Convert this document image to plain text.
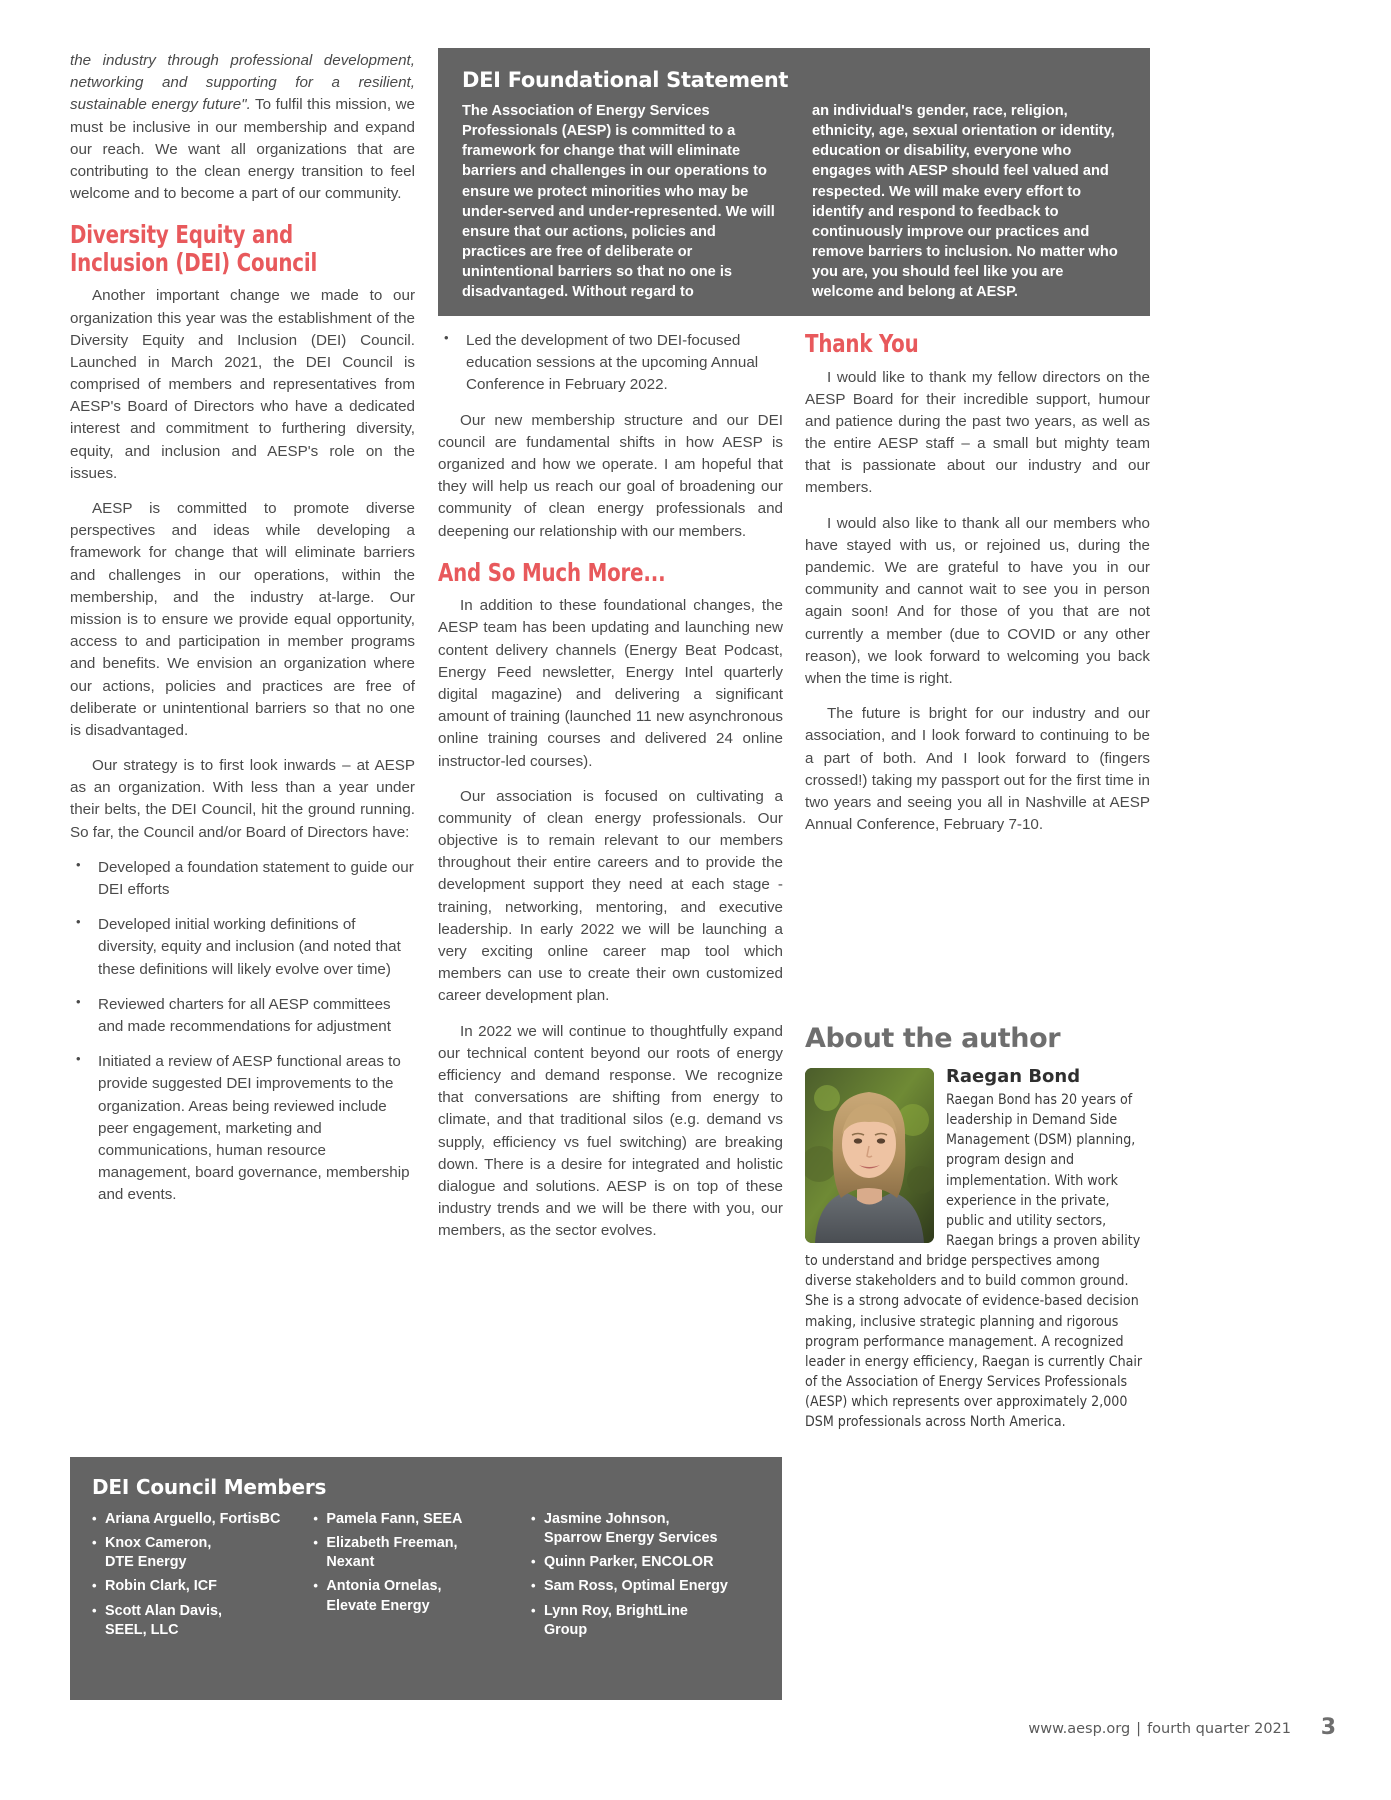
the industry through professional development, networking and supporting for a resilient, sustainable energy future". To fulfil this mission, we must be inclusive in our membership and expand our reach. We want all organizations that are contributing to the clean energy transition to feel welcome and to become a part of our community.

Diversity Equity and Inclusion (DEI) Council

Another important change we made to our organization this year was the establishment of the Diversity Equity and Inclusion (DEI) Council. Launched in March 2021, the DEI Council is comprised of members and representatives from AESP's Board of Directors who have a dedicated interest and commitment to furthering diversity, equity, and inclusion and AESP's role on the issues.

AESP is committed to promote diverse perspectives and ideas while developing a framework for change that will eliminate barriers and challenges in our operations, within the membership, and the industry at-large. Our mission is to ensure we provide equal opportunity, access to and participation in member programs and benefits. We envision an organization where our actions, policies and practices are free of deliberate or unintentional barriers so that no one is disadvantaged.

Our strategy is to first look inwards – at AESP as an organization. With less than a year under their belts, the DEI Council, hit the ground running. So far, the Council and/or Board of Directors have:

• Developed a foundation statement to guide our DEI efforts
• Developed initial working definitions of diversity, equity and inclusion (and noted that these definitions will likely evolve over time)
• Reviewed charters for all AESP committees and made recommendations for adjustment
• Initiated a review of AESP functional areas to provide suggested DEI improvements to the organization. Areas being reviewed include peer engagement, marketing and communications, human resource management, board governance, membership and events.
DEI Foundational Statement

The Association of Energy Services Professionals (AESP) is committed to a framework for change that will eliminate barriers and challenges in our operations to ensure we protect minorities who may be under-served and under-represented. We will ensure that our actions, policies and practices are free of deliberate or unintentional barriers so that no one is disadvantaged. Without regard to

an individual's gender, race, religion, ethnicity, age, sexual orientation or identity, education or disability, everyone who engages with AESP should feel valued and respected. We will make every effort to identify and respond to feedback to continuously improve our practices and remove barriers to inclusion. No matter who you are, you should feel like you are welcome and belong at AESP.

• Led the development of two DEI-focused education sessions at the upcoming Annual Conference in February 2022.

Our new membership structure and our DEI council are fundamental shifts in how AESP is organized and how we operate. I am hopeful that they will help us reach our goal of broadening our community of clean energy professionals and deepening our relationship with our members.

And So Much More...

In addition to these foundational changes, the AESP team has been updating and launching new content delivery channels (Energy Beat Podcast, Energy Feed newsletter, Energy Intel quarterly digital magazine) and delivering a significant amount of training (launched 11 new asynchronous online training courses and delivered 24 online instructor-led courses).

Our association is focused on cultivating a community of clean energy professionals. Our objective is to remain relevant to our members throughout their entire careers and to provide the development support they need at each stage - training, networking, mentoring, and executive leadership. In early 2022 we will be launching a very exciting online career map tool which members can use to create their own customized career development plan.

In 2022 we will continue to thoughtfully expand our technical content beyond our roots of energy efficiency and demand response. We recognize that conversations are shifting from energy to climate, and that traditional silos (e.g. demand vs supply, efficiency vs fuel switching) are breaking down. There is a desire for integrated and holistic dialogue and solutions. AESP is on top of these industry trends and we will be there with you, our members, as the sector evolves.

Thank You

I would like to thank my fellow directors on the AESP Board for their incredible support, humour and patience during the past two years, as well as the entire AESP staff – a small but mighty team that is passionate about our industry and our members.

I would also like to thank all our members who have stayed with us, or rejoined us, during the pandemic. We are grateful to have you in our community and cannot wait to see you in person again soon! And for those of you that are not currently a member (due to COVID or any other reason), we look forward to welcoming you back when the time is right.

The future is bright for our industry and our association, and I look forward to continuing to be a part of both. And I look forward to (fingers crossed!) taking my passport out for the first time in two years and seeing you all in Nashville at AESP Annual Conference, February 7-10.

About the author
Raegan Bond

Raegan Bond has 20 years of leadership in Demand Side Management (DSM) planning, program design and implementation. With work experience in the private, public and utility sectors, Raegan brings a proven ability to understand and bridge perspectives among diverse stakeholders and to build common ground. She is a strong advocate of evidence-based decision making, inclusive strategic planning and rigorous program performance management. A recognized leader in energy efficiency, Raegan is currently Chair of the Association of Energy Services Professionals (AESP) which represents over approximately 2,000 DSM professionals across North America.

DEI Council Members
• Ariana Arguello, FortisBC
• Knox Cameron,
DTE Energy
• Robin Clark, ICF
• Scott Alan Davis,
SEEL, LLC
• Pamela Fann, SEEA
• Elizabeth Freeman,
Nexant
• Antonia Ornelas,
Elevate Energy
• Jasmine Johnson,
Sparrow Energy Services
• Quinn Parker, ENCOLOR
• Sam Ross, Optimal Energy
• Lynn Roy, BrightLine
Group
www.aesp.org | fourth quarter 2021 3
